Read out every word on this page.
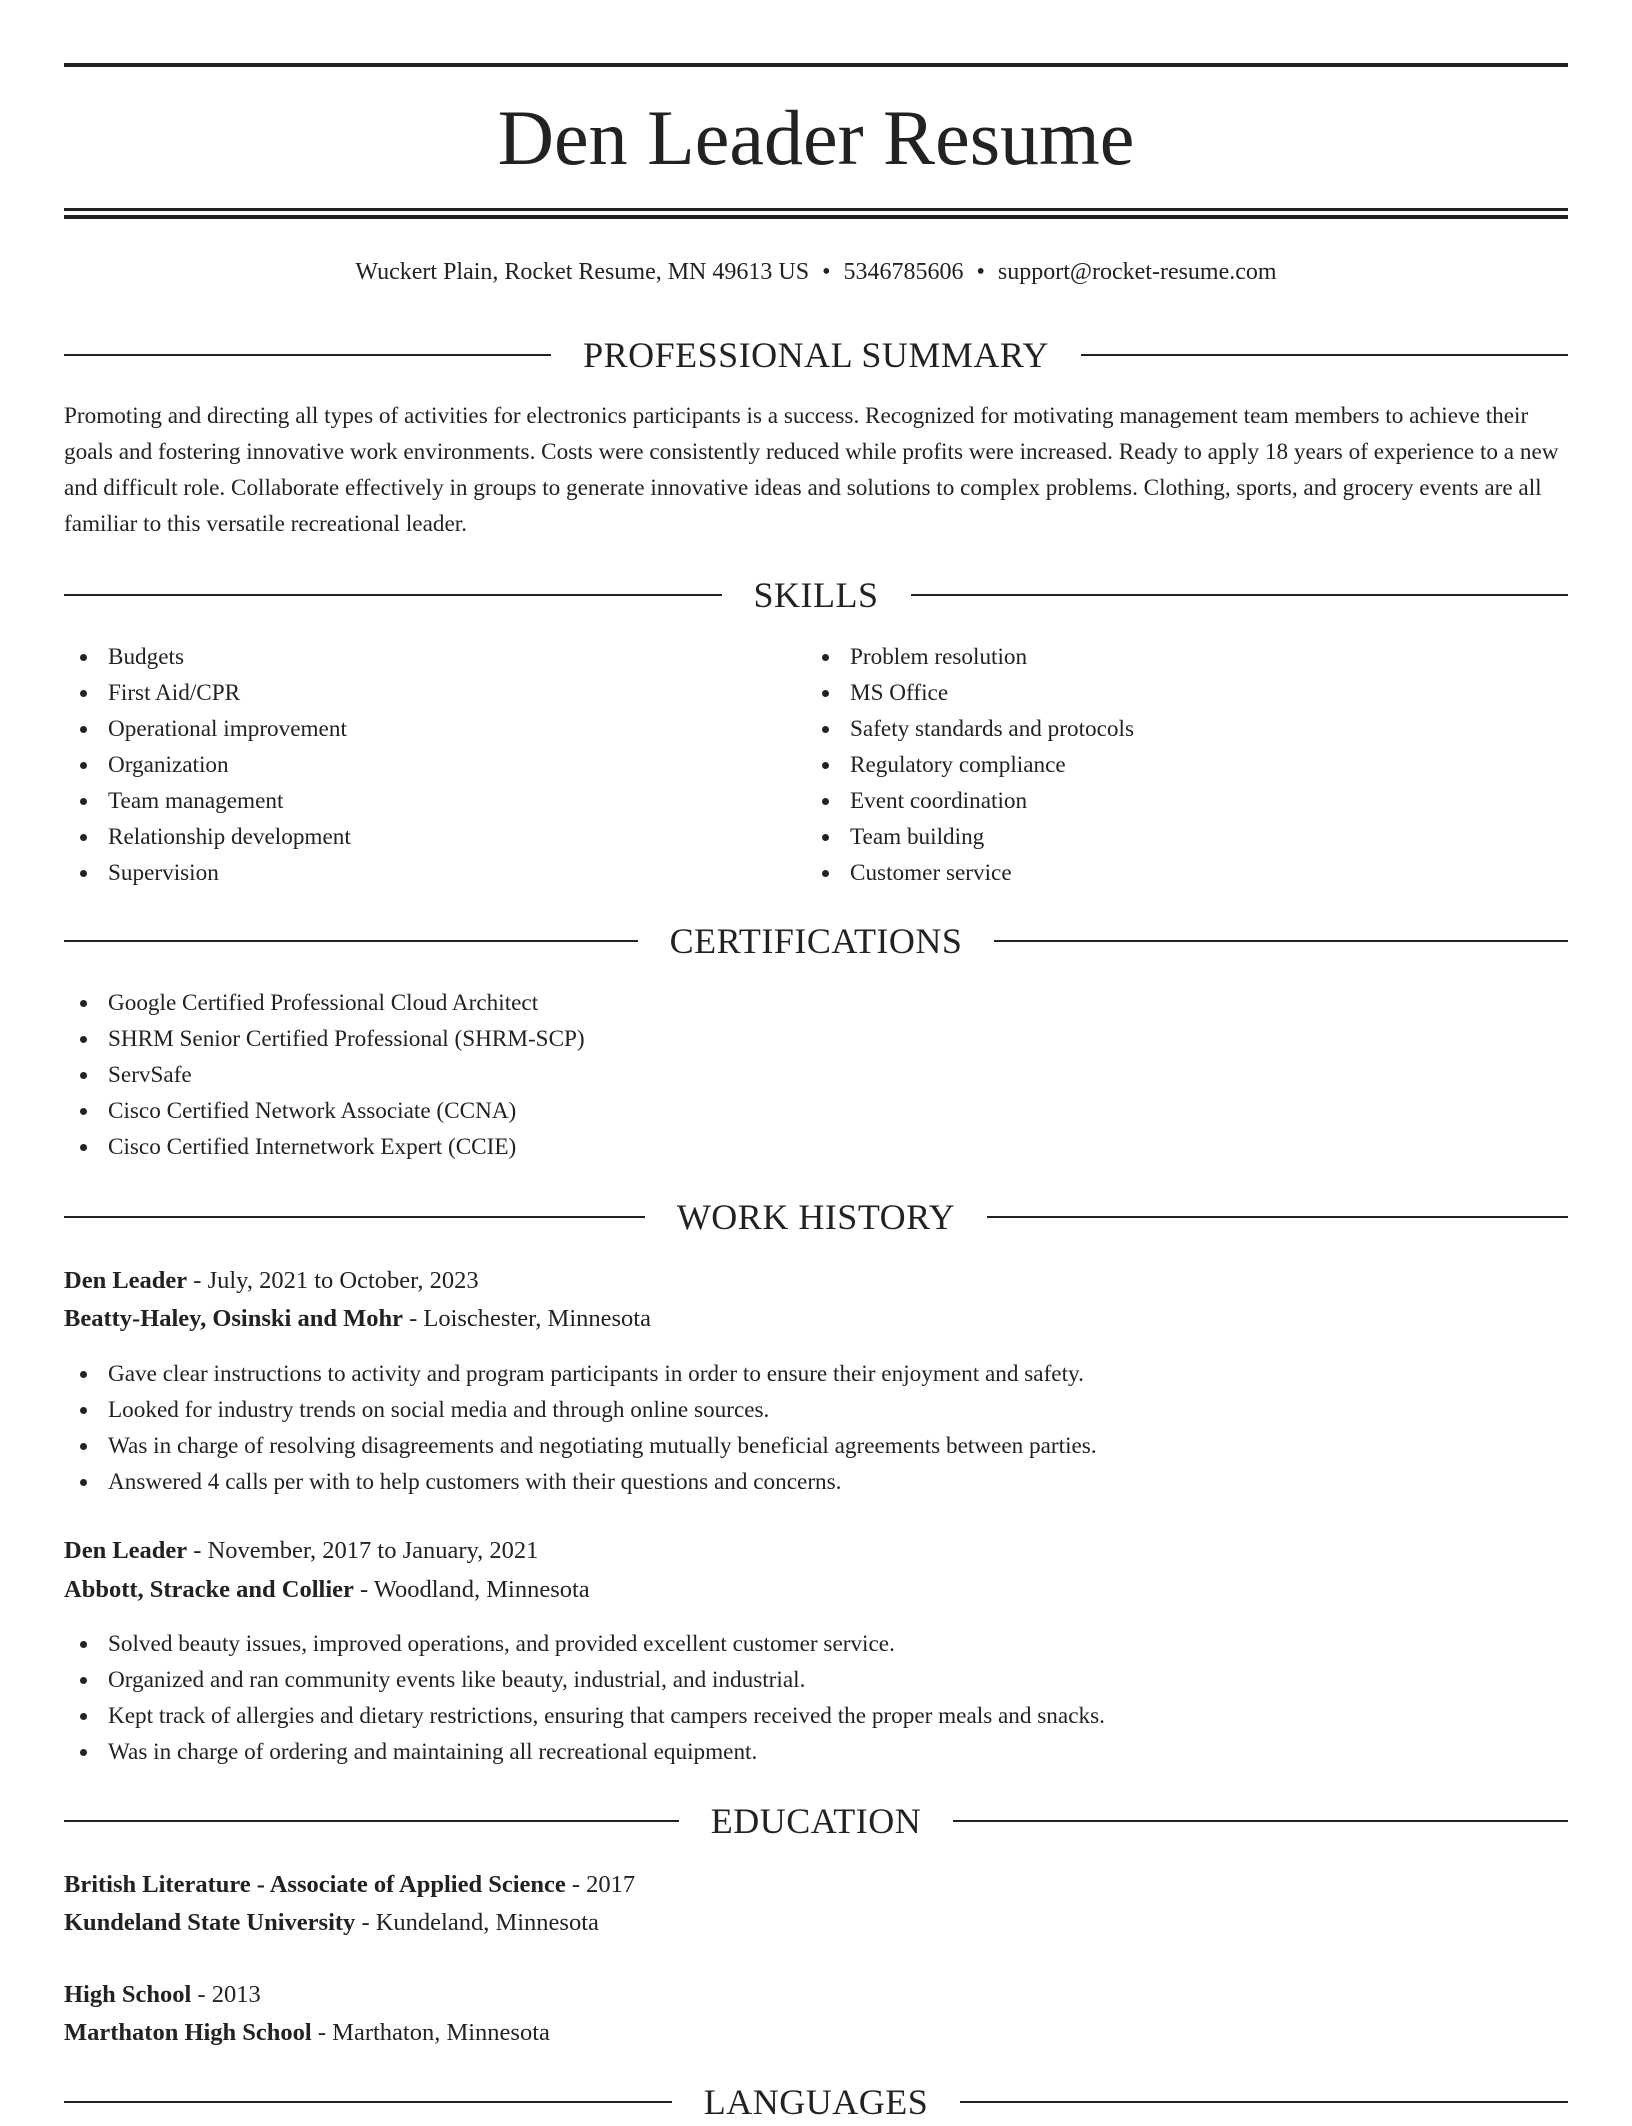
Den Leader Resume
Wuckert Plain, Rocket Resume, MN 49613 US • 5346785606 • support@rocket-resume.com
PROFESSIONAL SUMMARY

Promoting and directing all types of activities for electronics participants is a success. Recognized for motivating management team members to achieve their goals and fostering innovative work environments. Costs were consistently reduced while profits were increased. Ready to apply 18 years of experience to a new and difficult role. Collaborate effectively in groups to generate innovative ideas and solutions to complex problems. Clothing, sports, and grocery events are all familiar to this versatile recreational leader.

SKILLS
Budgets
First Aid/CPR
Operational improvement
Organization
Team management
Relationship development
Supervision
Problem resolution
MS Office
Safety standards and protocols
Regulatory compliance
Event coordination
Team building
Customer service
CERTIFICATIONS
Google Certified Professional Cloud Architect
SHRM Senior Certified Professional (SHRM-SCP)
ServSafe
Cisco Certified Network Associate (CCNA)
Cisco Certified Internetwork Expert (CCIE)
WORK HISTORY
Den Leader - July, 2021 to October, 2023
Beatty-Haley, Osinski and Mohr - Loischester, Minnesota
Gave clear instructions to activity and program participants in order to ensure their enjoyment and safety.
Looked for industry trends on social media and through online sources.
Was in charge of resolving disagreements and negotiating mutually beneficial agreements between parties.
Answered 4 calls per with to help customers with their questions and concerns.
Den Leader - November, 2017 to January, 2021
Abbott, Stracke and Collier - Woodland, Minnesota
Solved beauty issues, improved operations, and provided excellent customer service.
Organized and ran community events like beauty, industrial, and industrial.
Kept track of allergies and dietary restrictions, ensuring that campers received the proper meals and snacks.
Was in charge of ordering and maintaining all recreational equipment.
EDUCATION
British Literature - Associate of Applied Science - 2017
Kundeland State University - Kundeland, Minnesota
High School - 2013
Marthaton High School - Marthaton, Minnesota
LANGUAGES
